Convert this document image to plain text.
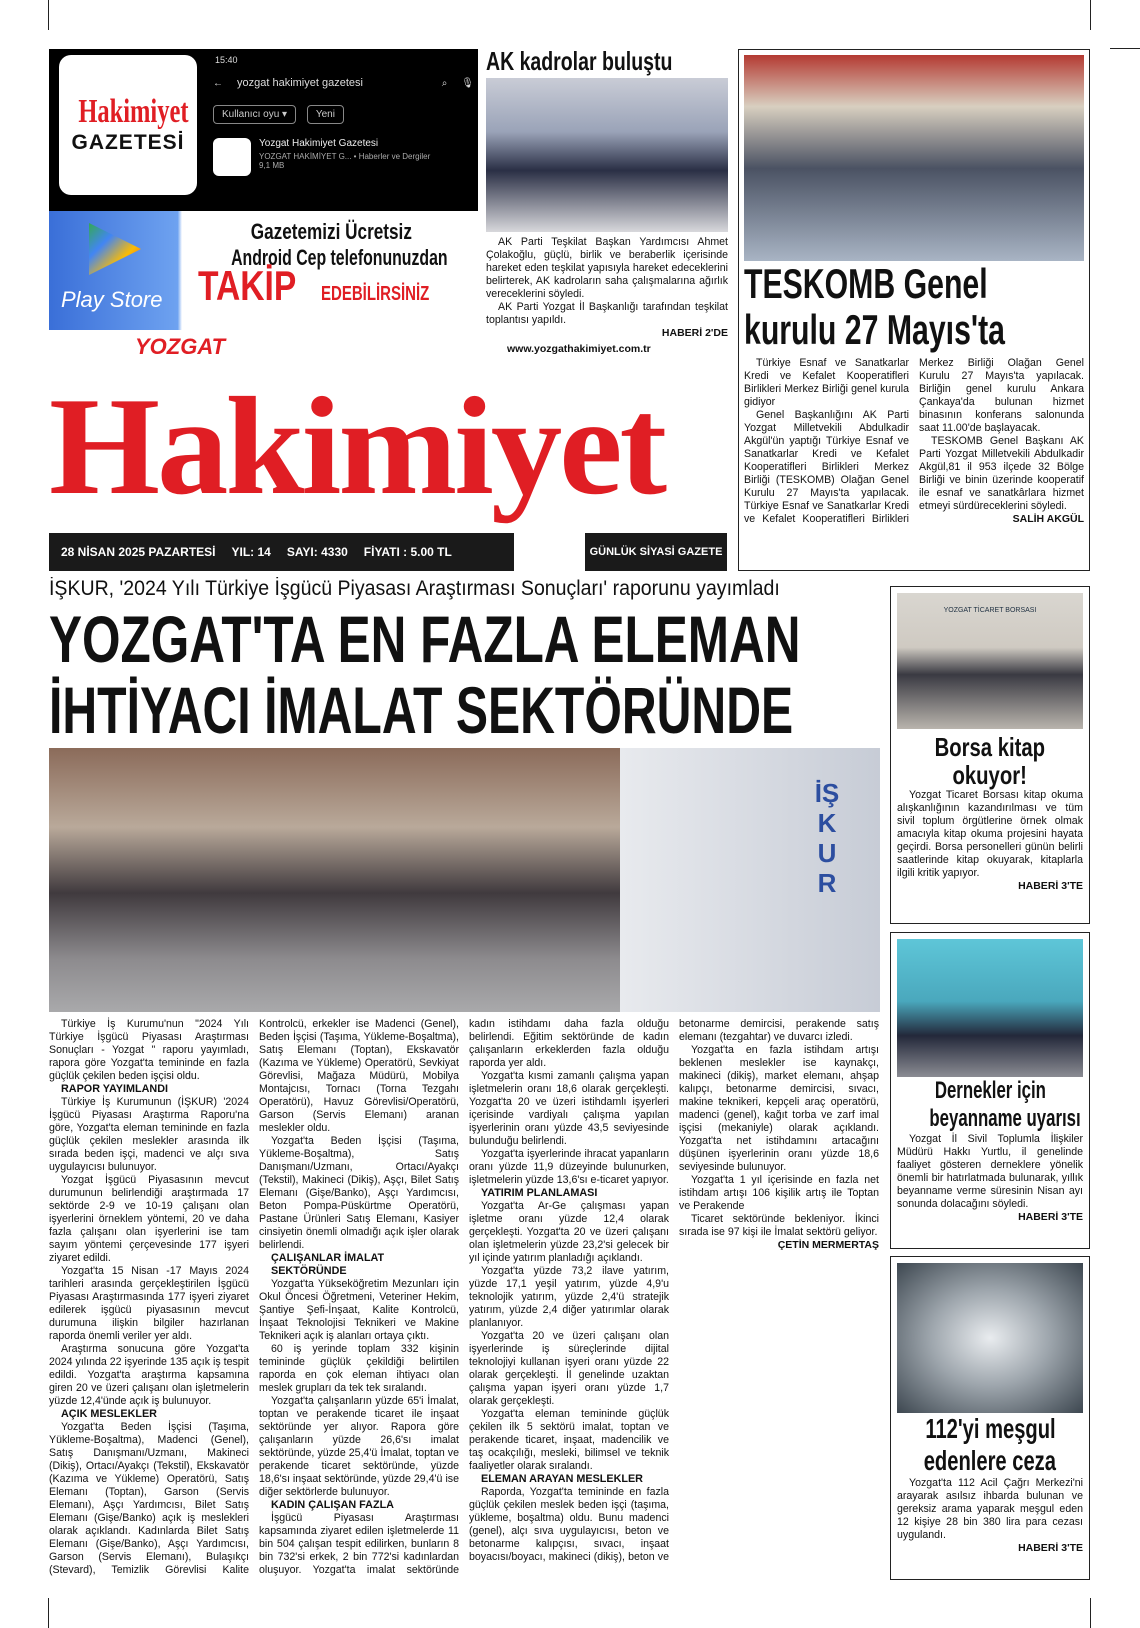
Hakimiyet
GAZETESİ
15:40
← yozgat hakimiyet gazetesi	⌕ 🎙
Kullanıcı oyu ▾	Yeni
Yozgat Hakimiyet Gazetesi
YOZGAT HAKİMİYET G... • Haberler ve Dergiler
9,1 MB
Play Store
Gazetemizi Ücretsiz
Android Cep telefonunuzdan
TAKİP EDEBİLİRSİNİZ
AK kadrolar buluştu

AK Parti Teşkilat Başkan Yardımcısı Ahmet Çolakoğlu, güçlü, birlik ve beraberlik içerisinde hareket eden teşkilat yapısıyla hareket edeceklerini belirterek, AK kadroların saha çalışmalarına ağırlık vereceklerini söyledi.

AK Parti Yozgat İl Başkanlığı tarafından teşkilat toplantısı yapıldı.

HABERİ 2'DE

TESKOMB Genel
kurulu 27 Mayıs'ta

Türkiye Esnaf ve Sanatkarlar Kredi ve Kefalet Kooperatifleri Birlikleri Merkez Birliği genel kurula gidiyor

Genel Başkanlığını AK Parti Yozgat Milletvekili Abdulkadir Akgül'ün yaptığı Türkiye Esnaf ve Sanatkarlar Kredi ve Kefalet Kooperatifleri Birlikleri Merkez Birliği (TESKOMB) Olağan Genel Kurulu 27 Mayıs'ta yapılacak. Türkiye Esnaf ve Sanatkarlar Kredi ve Kefalet Kooperatifleri Birlikleri Merkez Birliği Olağan Genel Kurulu 27 Mayıs'ta yapılacak. Birliğin genel kurulu Ankara Çankaya'da bulunan hizmet binasının konferans salonunda saat 11.00'de başlayacak.

TESKOMB Genel Başkanı AK Parti Yozgat Milletvekili Abdulkadir Akgül,81 il 953 ilçede 32 Bölge Birliği ve binin üzerinde kooperatif ile esnaf ve sanatkârlara hizmet etmeyi sürdüreceklerini söyledi.

SALİH AKGÜL

YOZGAT	www.yozgathakimiyet.com.tr
Hakimiyet
28 NİSAN 2025 PAZARTESİ YIL: 14 SAYI: 4330 FİYATI : 5.00 TL	GÜNLÜK SİYASİ GAZETE
İŞKUR, '2024 Yılı Türkiye İşgücü Piyasası Araştırması Sonuçları' raporunu yayımladı
YOZGAT'TA EN FAZLA ELEMAN
İHTİYACI İMALAT SEKTÖRÜNDE
İŞKUR

Türkiye İş Kurumu'nun "2024 Yılı Türkiye İşgücü Piyasası Araştırması Sonuçları - Yozgat " raporu yayımladı, rapora göre Yozgat'ta temininde en fazla güçlük çekilen beden işçisi oldu.

RAPOR YAYIMLANDI

Türkiye İş Kurumunun (İŞKUR) '2024 İşgücü Piyasası Araştırma Raporu'na göre, Yozgat'ta eleman temininde en fazla güçlük çekilen meslekler arasında ilk sırada beden işçi, madenci ve alçı sıva uygulayıcısı bulunuyor.

Yozgat İşgücü Piyasasının mevcut durumunun belirlendiği araştırmada 17 sektörde 2-9 ve 10-19 çalışanı olan işyerlerini örneklem yöntemi, 20 ve daha fazla çalışanı olan işyerlerini ise tam sayım yöntemi çerçevesinde 177 işyeri ziyaret edildi.

Yozgat'ta 15 Nisan -17 Mayıs 2024 tarihleri arasında gerçekleştirilen İşgücü Piyasası Araştırmasında 177 işyeri ziyaret edilerek işgücü piyasasının mevcut durumuna ilişkin bilgiler hazırlanan raporda önemli veriler yer aldı.

Araştırma sonucuna göre Yozgat'ta 2024 yılında 22 işyerinde 135 açık iş tespit edildi. Yozgat'ta araştırma kapsamına giren 20 ve üzeri çalışanı olan işletmelerin yüzde 12,4'ünde açık iş bulunuyor.

AÇIK MESLEKLER

Yozgat'ta Beden İşçisi (Taşıma, Yükleme-Boşaltma), Madenci (Genel), Satış Danışmanı/Uzmanı, Makineci (Dikiş), Ortacı/Ayakçı (Tekstil), Ekskavatör (Kazıma ve Yükleme) Operatörü, Satış Elemanı (Toptan), Garson (Servis Elemanı), Aşçı Yardımcısı, Bilet Satış Elemanı (Gişe/Banko) açık iş meslekleri olarak açıklandı. Kadınlarda Bilet Satış Elemanı (Gişe/Banko), Aşçı Yardımcısı, Garson (Servis Elemanı), Bulaşıkçı (Stevard), Temizlik Görevlisi Kalite Kontrolcü, erkekler ise Madenci (Genel), Beden İşçisi (Taşıma, Yükleme-Boşaltma), Satış Elemanı (Toptan), Ekskavatör (Kazıma ve Yükleme) Operatörü, Sevkiyat Görevlisi, Mağaza Müdürü, Mobilya Montajcısı, Tornacı (Torna Tezgahı Operatörü), Havuz Görevlisi/Operatörü, Garson (Servis Elemanı) aranan meslekler oldu.

Yozgat'ta Beden İşçisi (Taşıma, Yükleme-Boşaltma), Satış Danışmanı/Uzmanı, Ortacı/Ayakçı (Tekstil), Makineci (Dikiş), Aşçı, Bilet Satış Elemanı (Gişe/Banko), Aşçı Yardımcısı, Beton Pompa-Püskürtme Operatörü, Pastane Ürünleri Satış Elemanı, Kasiyer cinsiyetin önemli olmadığı açık işler olarak belirlendi.

ÇALIŞANLAR İMALAT SEKTÖRÜNDE

Yozgat'ta Yükseköğretim Mezunları için Okul Öncesi Öğretmeni, Veteriner Hekim, Şantiye Şefi-İnşaat, Kalite Kontrolcü, İnşaat Teknolojisi Teknikeri ve Makine Teknikeri açık iş alanları ortaya çıktı.

60 iş yerinde toplam 332 kişinin temininde güçlük çekildiği belirtilen raporda en çok eleman ihtiyacı olan meslek grupları da tek tek sıralandı.

Yozgat'ta çalışanların yüzde 65'i İmalat, toptan ve perakende ticaret ile inşaat sektöründe yer alıyor. Rapora göre çalışanların yüzde 26,6'sı imalat sektöründe, yüzde 25,4'ü İmalat, toptan ve perakende ticaret sektöründe, yüzde 18,6'sı inşaat sektöründe, yüzde 29,4'ü ise diğer sektörlerde bulunuyor.

KADIN ÇALIŞAN FAZLA

İşgücü Piyasası Araştırması kapsamında ziyaret edilen işletmelerde 11 bin 504 çalışan tespit edilirken, bunların 8 bin 732'si erkek, 2 bin 772'si kadınlardan oluşuyor. Yozgat'ta imalat sektöründe kadın istihdamı daha fazla olduğu belirlendi. Eğitim sektöründe de kadın çalışanların erkeklerden fazla olduğu raporda yer aldı.

Yozgat'ta kısmi zamanlı çalışma yapan işletmelerin oranı 18,6 olarak gerçekleşti. Yozgat'ta 20 ve üzeri istihdamlı işyerleri içerisinde vardiyalı çalışma yapılan işyerlerinin oranı yüzde 43,5 seviyesinde bulunduğu belirlendi.

Yozgat'ta işyerlerinde ihracat yapanların oranı yüzde 11,9 düzeyinde bulunurken, işletmelerin yüzde 13,6'sı e-ticaret yapıyor.

YATIRIM PLANLAMASI

Yozgat'ta Ar-Ge çalışması yapan işletme oranı yüzde 12,4 olarak gerçekleşti. Yozgat'ta 20 ve üzeri çalışanı olan işletmelerin yüzde 23,2'si gelecek bir yıl içinde yatırım planladığı açıklandı.

Yozgat'ta yüzde 73,2 ilave yatırım, yüzde 17,1 yeşil yatırım, yüzde 4,9'u teknolojik yatırım, yüzde 2,4'ü stratejik yatırım, yüzde 2,4 diğer yatırımlar olarak planlanıyor.

Yozgat'ta 20 ve üzeri çalışanı olan işyerlerinde iş süreçlerinde dijital teknolojiyi kullanan işyeri oranı yüzde 22 olarak gerçekleşti. İl genelinde uzaktan çalışma yapan işyeri oranı yüzde 1,7 olarak gerçekleşti.

Yozgat'ta eleman temininde güçlük çekilen ilk 5 sektörü imalat, toptan ve perakende ticaret, inşaat, madencilik ve taş ocakçılığı, mesleki, bilimsel ve teknik faaliyetler olarak sıralandı.

ELEMAN ARAYAN MESLEKLER

Raporda, Yozgat'ta temininde en fazla güçlük çekilen meslek beden işçi (taşıma, yükleme, boşaltma) oldu. Bunu madenci (genel), alçı sıva uygulayıcısı, beton ve betonarme kalıpçısı, sıvacı, inşaat boyacısı/boyacı, makineci (dikiş), beton ve betonarme demircisi, perakende satış elemanı (tezgahtar) ve duvarcı izledi.

Yozgat'ta en fazla istihdam artışı beklenen meslekler ise kaynakçı, makineci (dikiş), market elemanı, ahşap kalıpçı, betonarme demircisi, sıvacı, makine teknikeri, kepçeli araç operatörü, madenci (genel), kağıt torba ve zarf imal işçisi (mekaniyle) olarak açıklandı. Yozgat'ta net istihdamını artacağını düşünen işyerlerinin oranı yüzde 18,6 seviyesinde bulunuyor.

Yozgat'ta 1 yıl içerisinde en fazla net istihdam artışı 106 kişilik artış ile Toptan ve Perakende

Ticaret sektöründe bekleniyor. İkinci sırada ise 97 kişi ile İmalat sektörü geliyor.

ÇETİN MERMERTAŞ

YOZGAT TİCARET BORSASI
Borsa kitap
okuyor!

Yozgat Ticaret Borsası kitap okuma alışkanlığının kazandırılması ve tüm sivil toplum örgütlerine örnek olmak amacıyla kitap okuma projesini hayata geçirdi. Borsa personelleri günün belirli saatlerinde kitap okuyarak, kitaplarla ilgili kritik yapıyor.

HABERİ 3'TE

Dernekler için
beyanname uyarısı

Yozgat İl Sivil Toplumla İlişkiler Müdürü Hakkı Yurtlu, il genelinde faaliyet gösteren derneklere yönelik önemli bir hatırlatmada bulunarak, yıllık beyanname verme süresinin Nisan ayı sonunda dolacağını söyledi.

HABERİ 3'TE

112'yi meşgul
edenlere ceza

Yozgat'ta 112 Acil Çağrı Merkezi'ni arayarak asılsız ihbarda bulunan ve gereksiz arama yaparak meşgul eden 12 kişiye 28 bin 380 lira para cezası uygulandı.

HABERİ 3'TE
